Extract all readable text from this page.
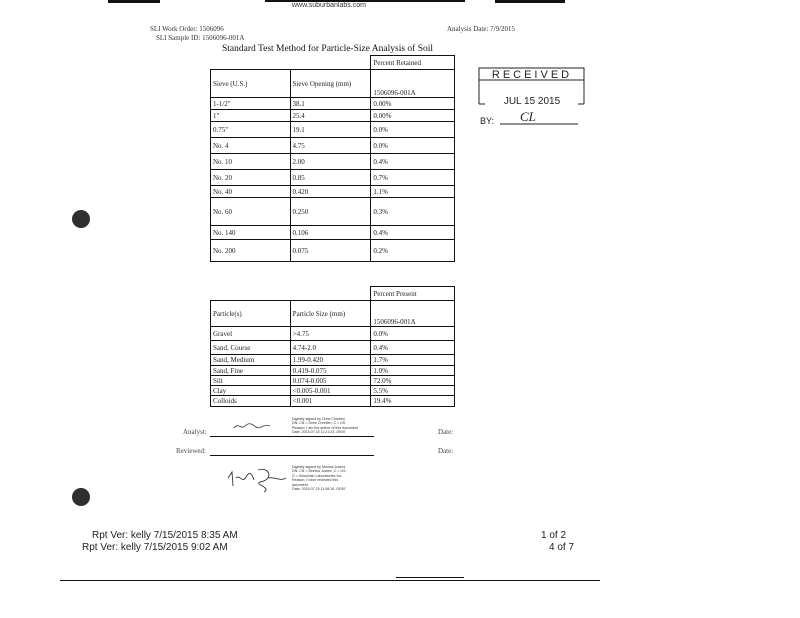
www.suburbanlabs.com
SLI Work Order: 1506096
SLI Sample ID: 1506096-001A
Analysis Date: 7/9/2015
Standard Test Method for Particle-Size Analysis of Soil
		Percent Retained
Sieve (U.S.)	Sieve Opening (mm)	1506096-001A
1-1/2"	38.1	0.00%
1"	25.4	0.00%
0.75"	19.1	0.0%
No. 4	4.75	0.0%
No. 10	2.00	0.4%
No. 20	0.85	0.7%
No. 40	0.420	1.1%
No. 60	0.250	0.3%
No. 140	0.106	0.4%
No. 200	0.075	0.2%
		Percent Present
Particle(s)	Particle Size (mm)	1506096-001A
Gravel	>4.75	0.0%
Sand, Course	4.74-2.0	0.4%
Sand, Medium	1.99-0.420	1.7%
Sand, Fine	0.419-0.075	1.0%
Silt	0.074-0.005	72.0%
Clay	<0.005-0.001	5.5%
Colloids	<0.001	19.4%
RECEIVED
JUL 15 2015
BY: CL
Analyst:
Digitally signed by Drew Chretien
DN: CN = Drew Chretien, C = US
Reason: I am the author of this document
Date: 2015.07.15 11:21:23 -05'00'	Date:
Reviewed:	Date:
Digitally signed by Monica Juarez
DN: CN = Monica Juarez, C = US,
O = Suburban Laboratories Inc.
Reason: I have reviewed this
document
Date: 2015.07.15 11:08:16 -05'00'
Rpt Ver: kelly 7/15/2015 8:35 AM
Rpt Ver: kelly 7/15/2015 9:02 AM
1 of 2
4 of 7
